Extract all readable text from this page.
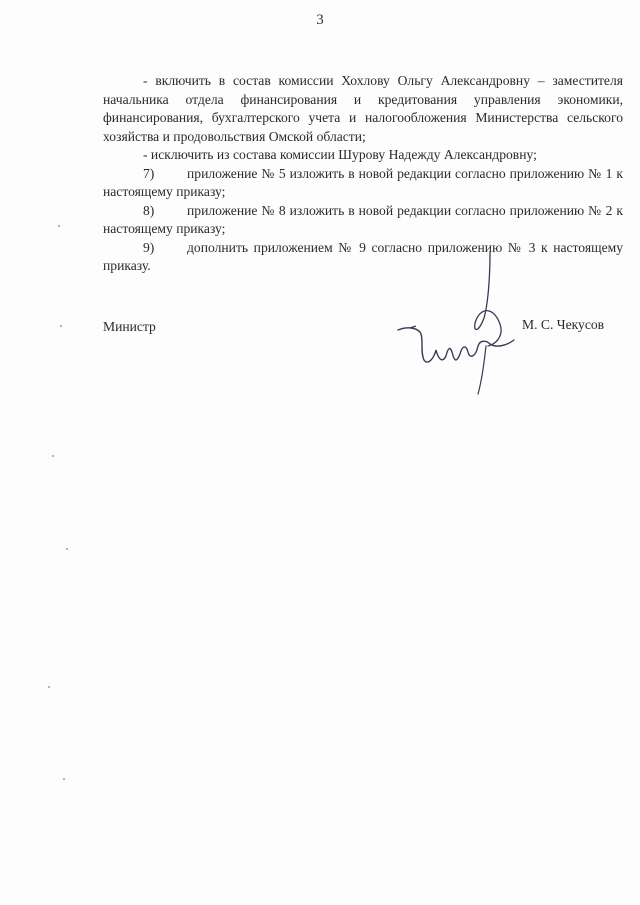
3

- включить в состав комиссии Хохлову Ольгу Александровну – заместителя начальника отдела финансирования и кредитования управления экономики, финансирования, бухгалтерского учета и налогообложения Министерства сельского хозяйства и продовольствия Омской области;

- исключить из состава комиссии Шурову Надежду Александровну;

7) приложение № 5 изложить в новой редакции согласно приложению № 1 к настоящему приказу;

8) приложение № 8 изложить в новой редакции согласно приложению № 2 к настоящему приказу;

9) дополнить приложением № 9 согласно приложению № 3 к настоящему приказу.

Министр	М. С. Чекусов
